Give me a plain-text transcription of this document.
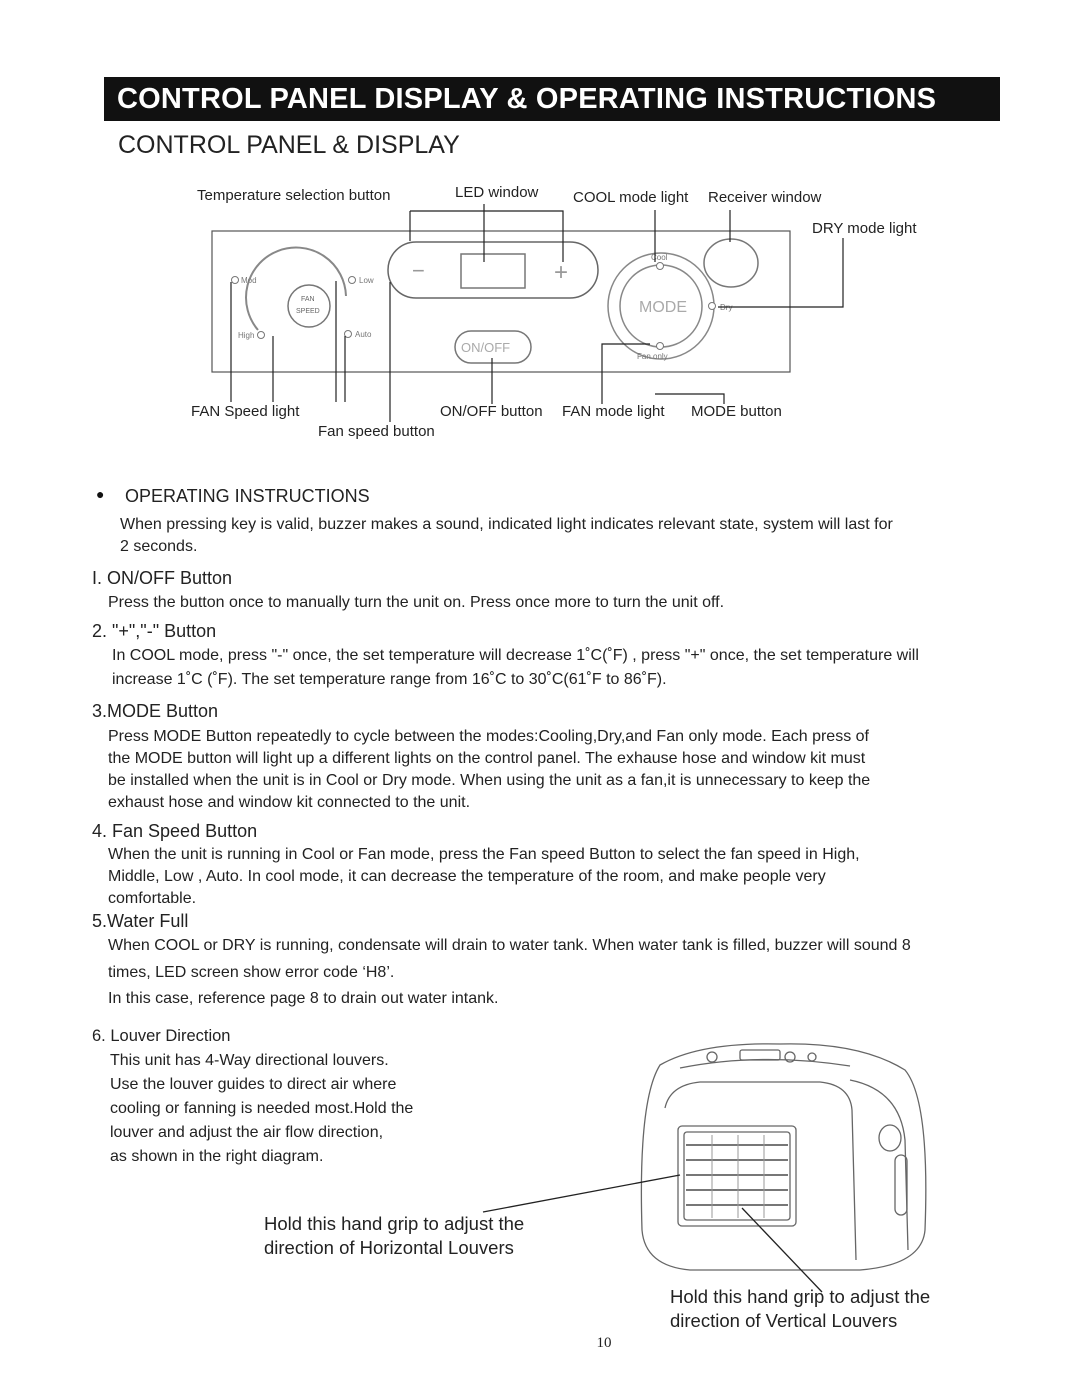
CONTROL PANEL DISPLAY & OPERATING INSTRUCTIONS
CONTROL PANEL & DISPLAY
−	+
FAN
SPEED
Mod	Low
High	Auto
ON/OFF
MODE
Cool
Dry
Fan only
Temperature selection button	LED window COOL mode light Receiver window
DRY mode light
FAN Speed light
Fan speed button
ON/OFF button FAN mode light MODE button
● OPERATING INSTRUCTIONS
When pressing key is valid, buzzer makes a sound, indicated light indicates relevant state, system will last for
2 seconds.
I. ON/OFF Button
Press the button once to manually turn the unit on. Press once more to turn the unit off.
2. "+","-" Button
In COOL mode, press "-" once, the set temperature will decrease 1˚C(˚F) , press "+" once, the set temperature will
increase 1˚C (˚F). The set temperature range from 16˚C to 30˚C(61˚F to 86˚F).
3.MODE Button
Press MODE Button repeatedly to cycle between the modes:Cooling,Dry,and Fan only mode. Each press of
the MODE button will light up a different lights on the control panel. The exhause hose and window kit must
be installed when the unit is in Cool or Dry mode. When using the unit as a fan,it is unnecessary to keep the
exhaust hose and window kit connected to the unit.
4. Fan Speed Button
When the unit is running in Cool or Fan mode, press the Fan speed Button to select the fan speed in High,
Middle, Low , Auto. In cool mode, it can decrease the temperature of the room, and make people very
comfortable.
5.Water Full
When COOL or DRY is running, condensate will drain to water tank. When water tank is filled, buzzer will sound 8
times, LED screen show error code ‘H8’.
In this case, reference page 8 to drain out water intank.
6. Louver Direction
This unit has 4-Way directional louvers.
Use the louver guides to direct air where
cooling or fanning is needed most.Hold the
louver and adjust the air flow direction,
as shown in the right diagram.
Hold this hand grip to adjust the
direction of Horizontal Louvers
Hold this hand grip to adjust the
direction of Vertical Louvers
10
